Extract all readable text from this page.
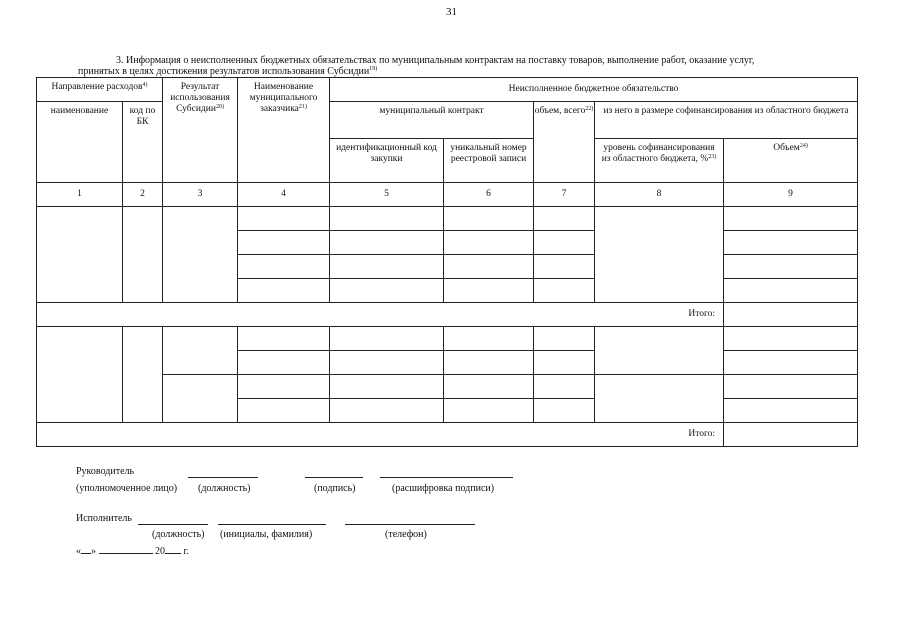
31
3. Информация о неисполненных бюджетных обязательствах по муниципальным контрактам на поставку товаров, выполнение работ, оказание услуг,
принятых в целях достижения результатов использования Субсидии$^{19)}$
Направление расходов$^{4)}$		Результат использования Субсидии$^{20)}$	Наименование муниципального заказчика$^{21)}$	Неисполненное бюджетное обязательство				
наименование	код по БК			муниципальный контракт		объем, всего$^{22)}$	из него в размере софинансирования из областного бюджета	
				идентификационный код закупки	уникальный номер реестровой записи		уровень софинансирования из областного бюджета, %$^{23)}$	Объем$^{24)}$
1	2	3	4	5	6	7	8	9

Итого:								

Итого:								
Руководитель
(уполномоченное лицо) (должность)	(подпись)	(расшифровка подписи)
Исполнитель
(должность) (инициалы, фамилия)	(телефон)
« »	20 г.
